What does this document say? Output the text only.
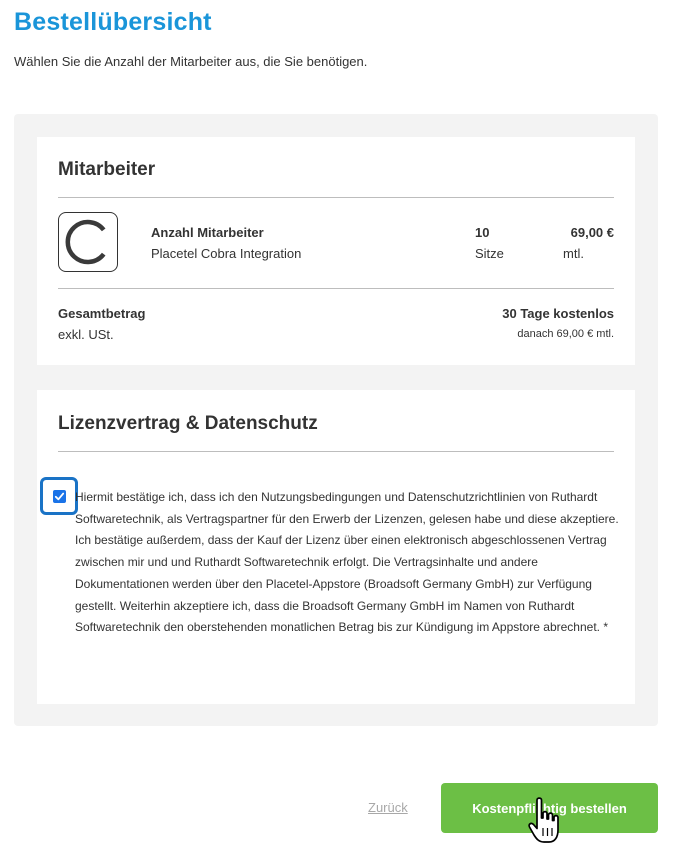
Bestellübersicht

Wählen Sie die Anzahl der Mitarbeiter aus, die Sie benötigen.

Mitarbeiter
Anzahl Mitarbeiter
Placetel Cobra Integration
10
Sitze
69,00 €
mtl.
Gesamtbetrag
exkl. USt.
30 Tage kostenlos
danach 69,00 € mtl.
Lizenzvertrag & Datenschutz

Hiermit bestätige ich, dass ich den Nutzungsbedingungen und Datenschutzrichtlinien von Ruthardt Softwaretechnik, als Vertragspartner für den Erwerb der Lizenzen, gelesen habe und diese akzeptiere. Ich bestätige außerdem, dass der Kauf der Lizenz über einen elektronisch abgeschlossenen Vertrag zwischen mir und und Ruthardt Softwaretechnik erfolgt. Die Vertragsinhalte und andere Dokumentationen werden über den Placetel-Appstore (Broadsoft Germany GmbH) zur Verfügung gestellt. Weiterhin akzeptiere ich, dass die Broadsoft Germany GmbH im Namen von Ruthardt Softwaretechnik den oberstehenden monatlichen Betrag bis zur Kündigung im Appstore abrechnet. *

Zurück	Kostenpflichtig bestellen
